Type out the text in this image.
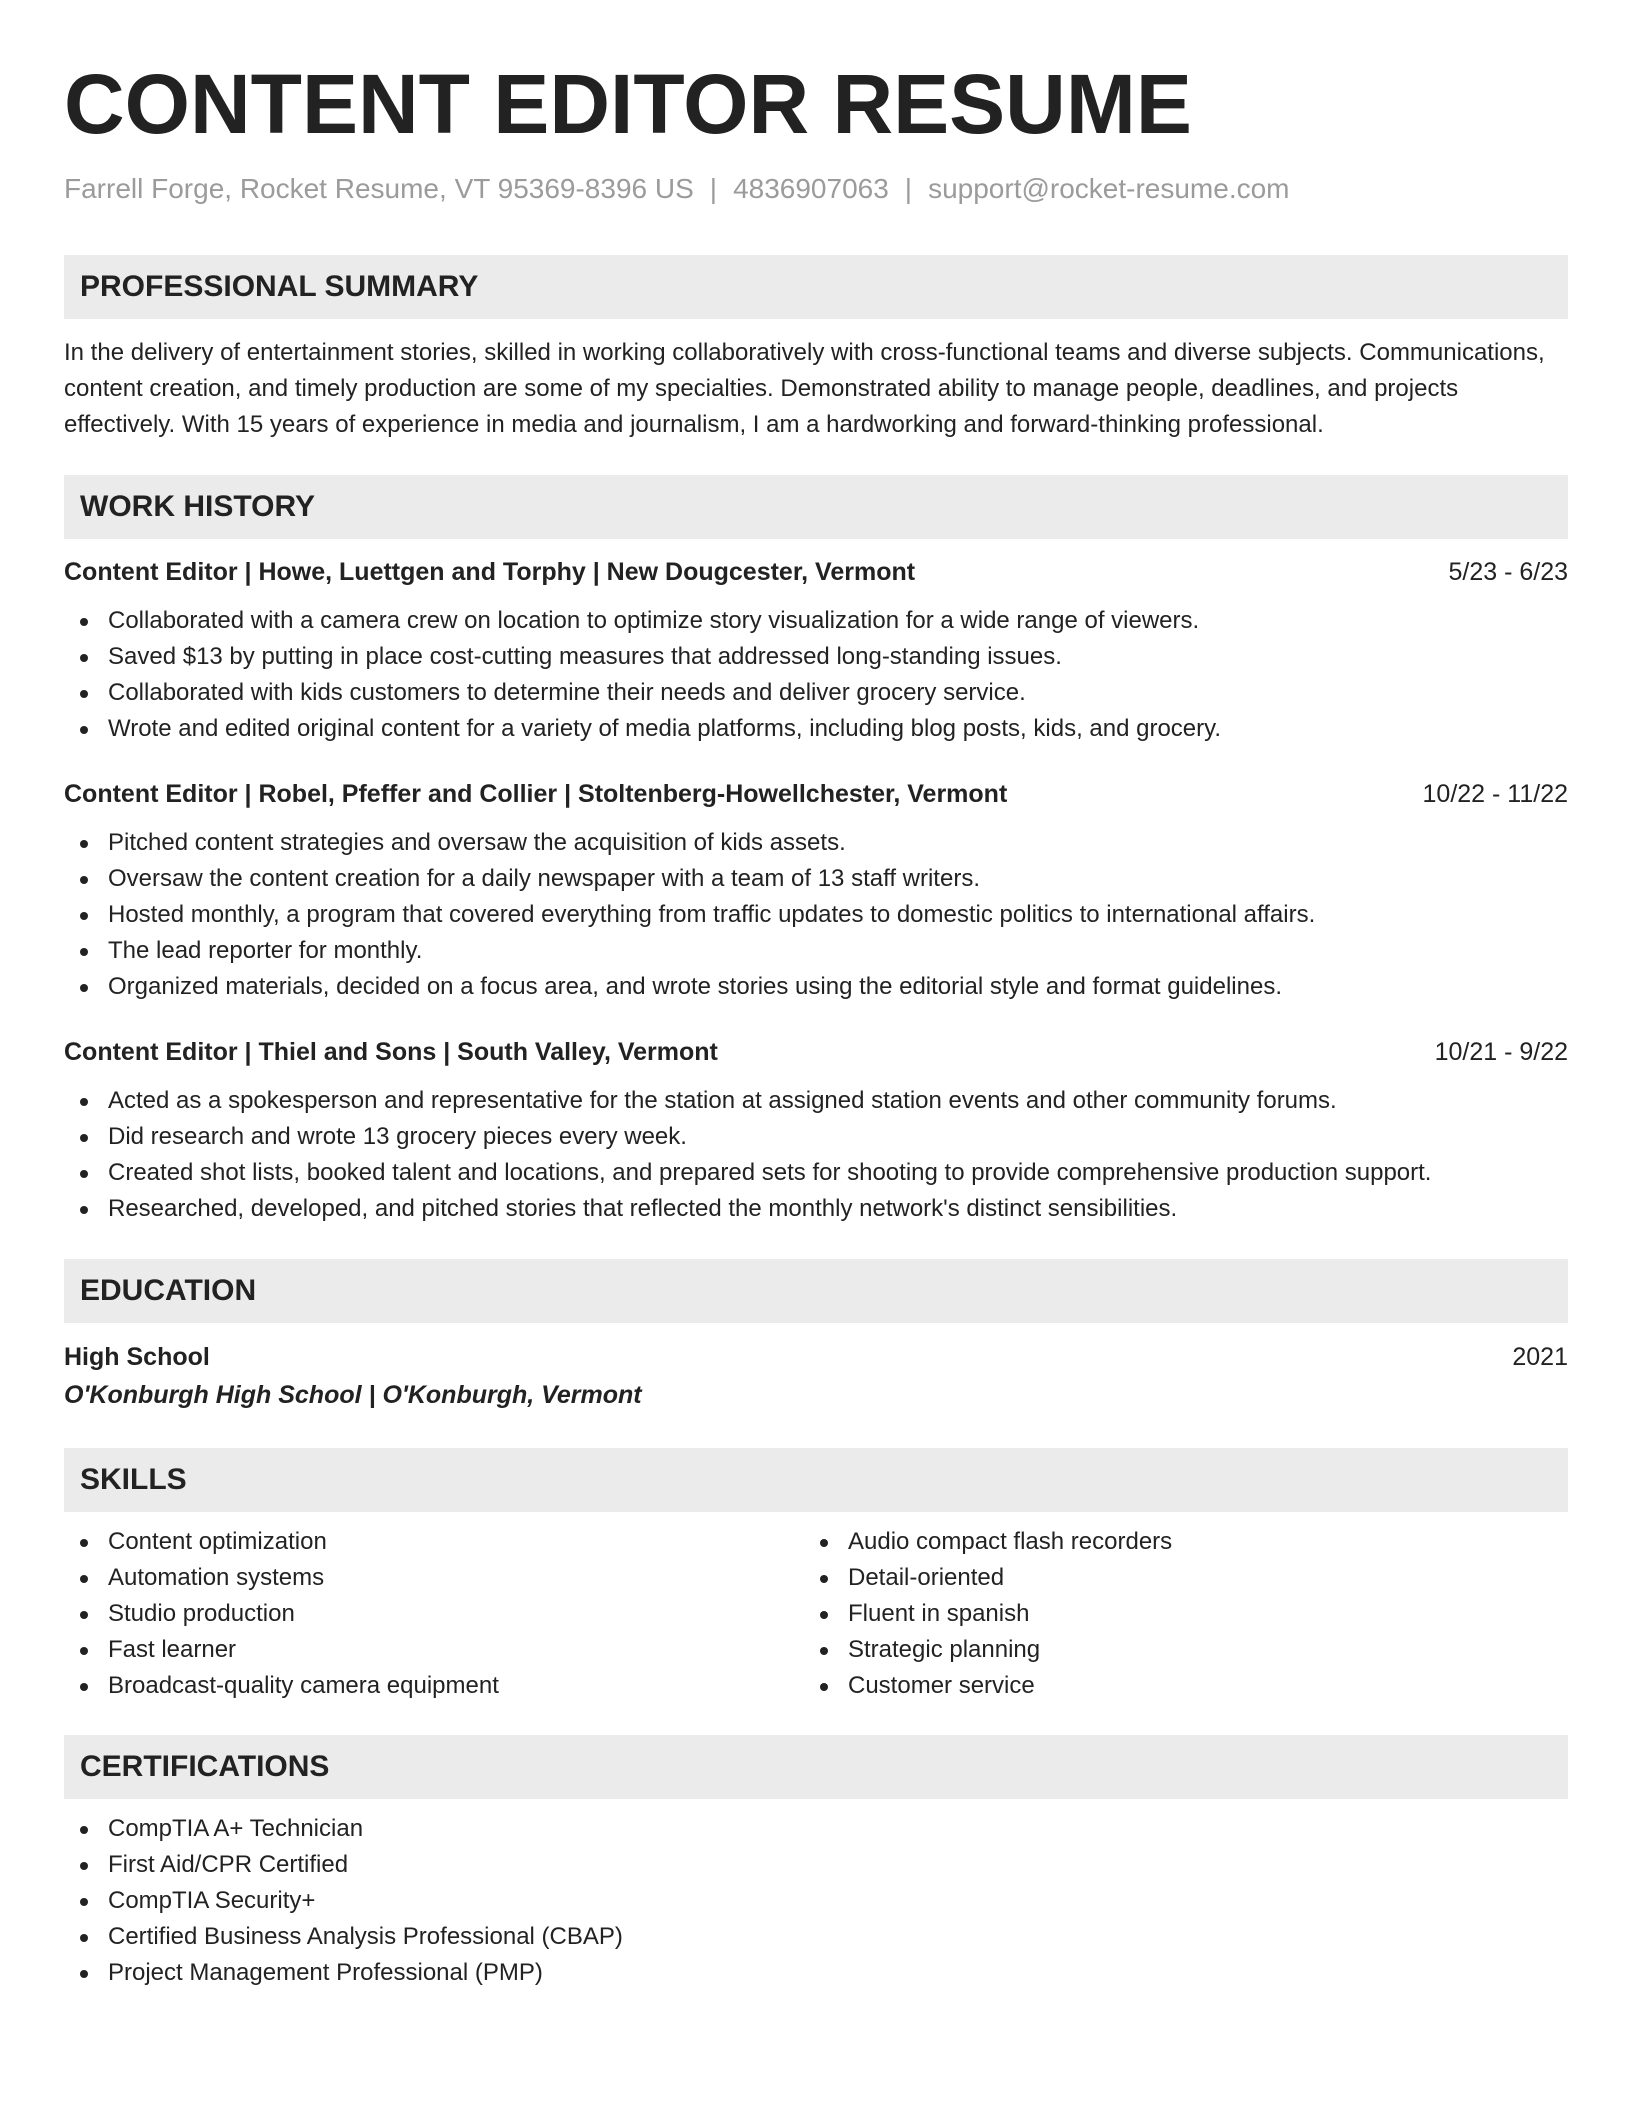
CONTENT EDITOR RESUME
Farrell Forge, Rocket Resume, VT 95369-8396 US | 4836907063 | support@rocket-resume.com
PROFESSIONAL SUMMARY

In the delivery of entertainment stories, skilled in working collaboratively with cross-functional teams and diverse subjects. Communications, content creation, and timely production are some of my specialties. Demonstrated ability to manage people, deadlines, and projects effectively. With 15 years of experience in media and journalism, I am a hardworking and forward-thinking professional.

WORK HISTORY
Content Editor | Howe, Luettgen and Torphy | New Dougcester, Vermont	5/23 - 6/23
Collaborated with a camera crew on location to optimize story visualization for a wide range of viewers.
Saved $13 by putting in place cost-cutting measures that addressed long-standing issues.
Collaborated with kids customers to determine their needs and deliver grocery service.
Wrote and edited original content for a variety of media platforms, including blog posts, kids, and grocery.
Content Editor | Robel, Pfeffer and Collier | Stoltenberg-Howellchester, Vermont	10/22 - 11/22
Pitched content strategies and oversaw the acquisition of kids assets.
Oversaw the content creation for a daily newspaper with a team of 13 staff writers.
Hosted monthly, a program that covered everything from traffic updates to domestic politics to international affairs.
The lead reporter for monthly.
Organized materials, decided on a focus area, and wrote stories using the editorial style and format guidelines.
Content Editor | Thiel and Sons | South Valley, Vermont	10/21 - 9/22
Acted as a spokesperson and representative for the station at assigned station events and other community forums.
Did research and wrote 13 grocery pieces every week.
Created shot lists, booked talent and locations, and prepared sets for shooting to provide comprehensive production support.
Researched, developed, and pitched stories that reflected the monthly network's distinct sensibilities.
EDUCATION
High School	2021
O'Konburgh High School | O'Konburgh, Vermont
SKILLS
Content optimization
Automation systems
Studio production
Fast learner
Broadcast-quality camera equipment
Audio compact flash recorders
Detail-oriented
Fluent in spanish
Strategic planning
Customer service
CERTIFICATIONS
CompTIA A+ Technician
First Aid/CPR Certified
CompTIA Security+
Certified Business Analysis Professional (CBAP)
Project Management Professional (PMP)
